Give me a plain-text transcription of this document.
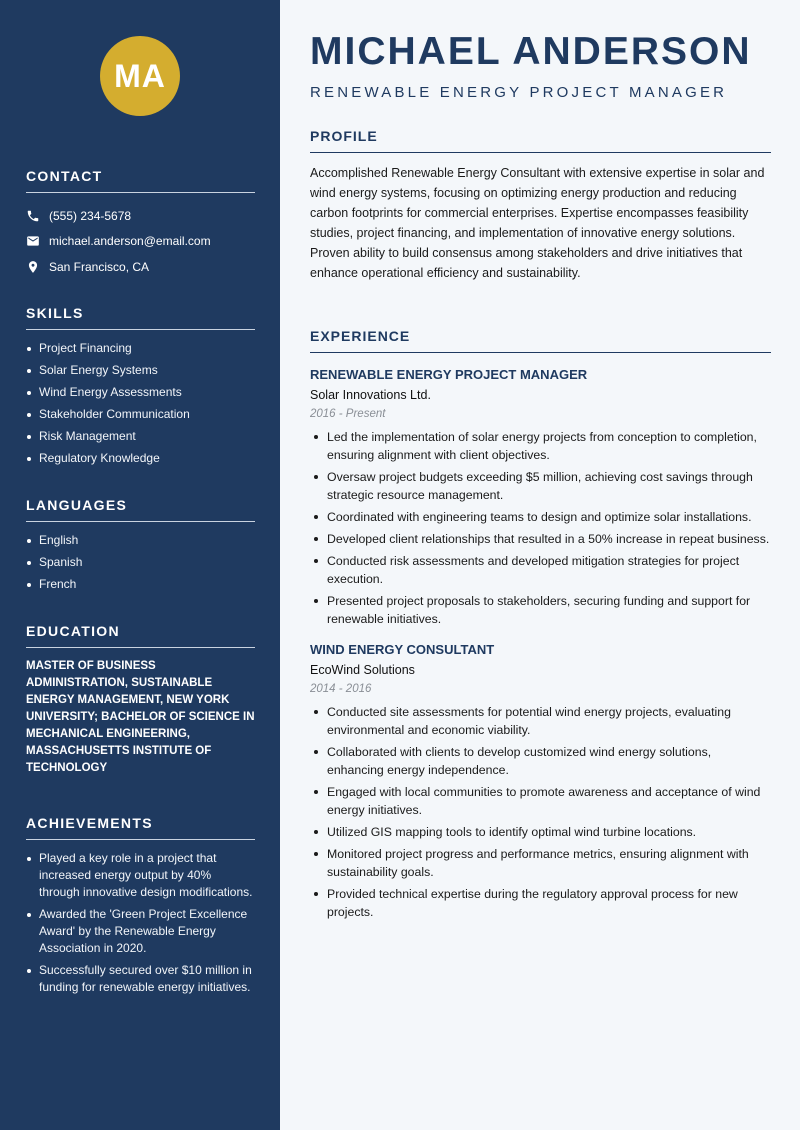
MA
CONTACT
(555) 234-5678
michael.anderson@email.com
San Francisco, CA
SKILLS
Project Financing
Solar Energy Systems
Wind Energy Assessments
Stakeholder Communication
Risk Management
Regulatory Knowledge
LANGUAGES
English
Spanish
French
EDUCATION
MASTER OF BUSINESS ADMINISTRATION, SUSTAINABLE ENERGY MANAGEMENT, NEW YORK UNIVERSITY; BACHELOR OF SCIENCE IN MECHANICAL ENGINEERING, MASSACHUSETTS INSTITUTE OF TECHNOLOGY
ACHIEVEMENTS
Played a key role in a project that increased energy output by 40% through innovative design modifications.
Awarded the 'Green Project Excellence Award' by the Renewable Energy Association in 2020.
Successfully secured over $10 million in funding for renewable energy initiatives.
MICHAEL ANDERSON
RENEWABLE ENERGY PROJECT MANAGER
PROFILE
Accomplished Renewable Energy Consultant with extensive expertise in solar and wind energy systems, focusing on optimizing energy production and reducing carbon footprints for commercial enterprises. Expertise encompasses feasibility studies, project financing, and implementation of innovative energy solutions. Proven ability to build consensus among stakeholders and drive initiatives that enhance operational efficiency and sustainability.
EXPERIENCE
RENEWABLE ENERGY PROJECT MANAGER
Solar Innovations Ltd.
2016 - Present
Led the implementation of solar energy projects from conception to completion, ensuring alignment with client objectives.
Oversaw project budgets exceeding $5 million, achieving cost savings through strategic resource management.
Coordinated with engineering teams to design and optimize solar installations.
Developed client relationships that resulted in a 50% increase in repeat business.
Conducted risk assessments and developed mitigation strategies for project execution.
Presented project proposals to stakeholders, securing funding and support for renewable initiatives.
WIND ENERGY CONSULTANT
EcoWind Solutions
2014 - 2016
Conducted site assessments for potential wind energy projects, evaluating environmental and economic viability.
Collaborated with clients to develop customized wind energy solutions, enhancing energy independence.
Engaged with local communities to promote awareness and acceptance of wind energy initiatives.
Utilized GIS mapping tools to identify optimal wind turbine locations.
Monitored project progress and performance metrics, ensuring alignment with sustainability goals.
Provided technical expertise during the regulatory approval process for new projects.
